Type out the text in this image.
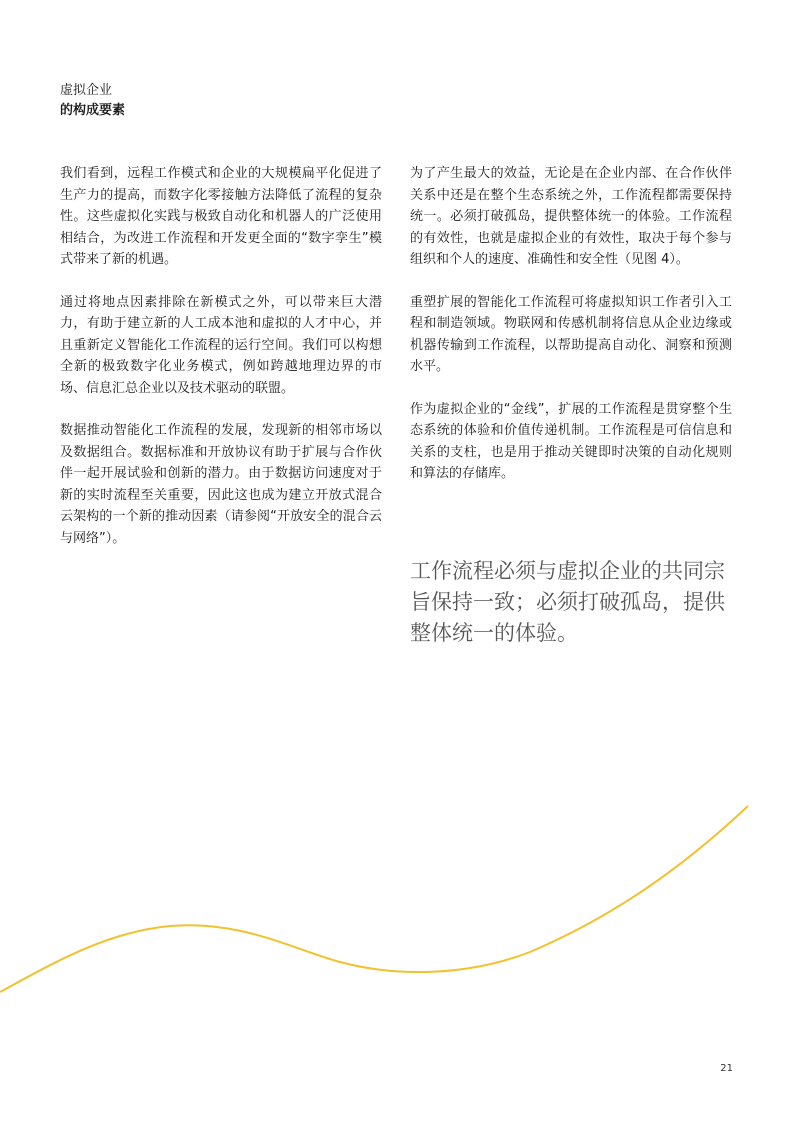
虚拟企业
的构成要素

我们看到，远程工作模式和企业的大规模扁平化促进了生产力的提高，而数字化零接触方法降低了流程的复杂性。这些虚拟化实践与极致自动化和机器人的广泛使用相结合，为改进工作流程和开发更全面的“数字孪生”模式带来了新的机遇。

通过将地点因素排除在新模式之外，可以带来巨大潜力，有助于建立新的人工成本池和虚拟的人才中心，并且重新定义智能化工作流程的运行空间。我们可以构想全新的极致数字化业务模式，例如跨越地理边界的市场、信息汇总企业以及技术驱动的联盟。

数据推动智能化工作流程的发展，发现新的相邻市场以及数据组合。数据标准和开放协议有助于扩展与合作伙伴一起开展试验和创新的潜力。由于数据访问速度对于新的实时流程至关重要，因此这也成为建立开放式混合云架构的一个新的推动因素（请参阅“开放安全的混合云与网络”）。

为了产生最大的效益，无论是在企业内部、在合作伙伴关系中还是在整个生态系统之外，工作流程都需要保持统一。必须打破孤岛，提供整体统一的体验。工作流程的有效性，也就是虚拟企业的有效性，取决于每个参与组织和个人的速度、准确性和安全性（见图 4）。

重塑扩展的智能化工作流程可将虚拟知识工作者引入工程和制造领域。物联网和传感机制将信息从企业边缘或机器传输到工作流程，以帮助提高自动化、洞察和预测水平。

作为虚拟企业的“金线”，扩展的工作流程是贯穿整个生态系统的体验和价值传递机制。工作流程是可信信息和关系的支柱，也是用于推动关键即时决策的自动化规则和算法的存储库。

工作流程必须与虚拟企业的共同宗旨保持一致；必须打破孤岛，提供整体统一的体验。
21
